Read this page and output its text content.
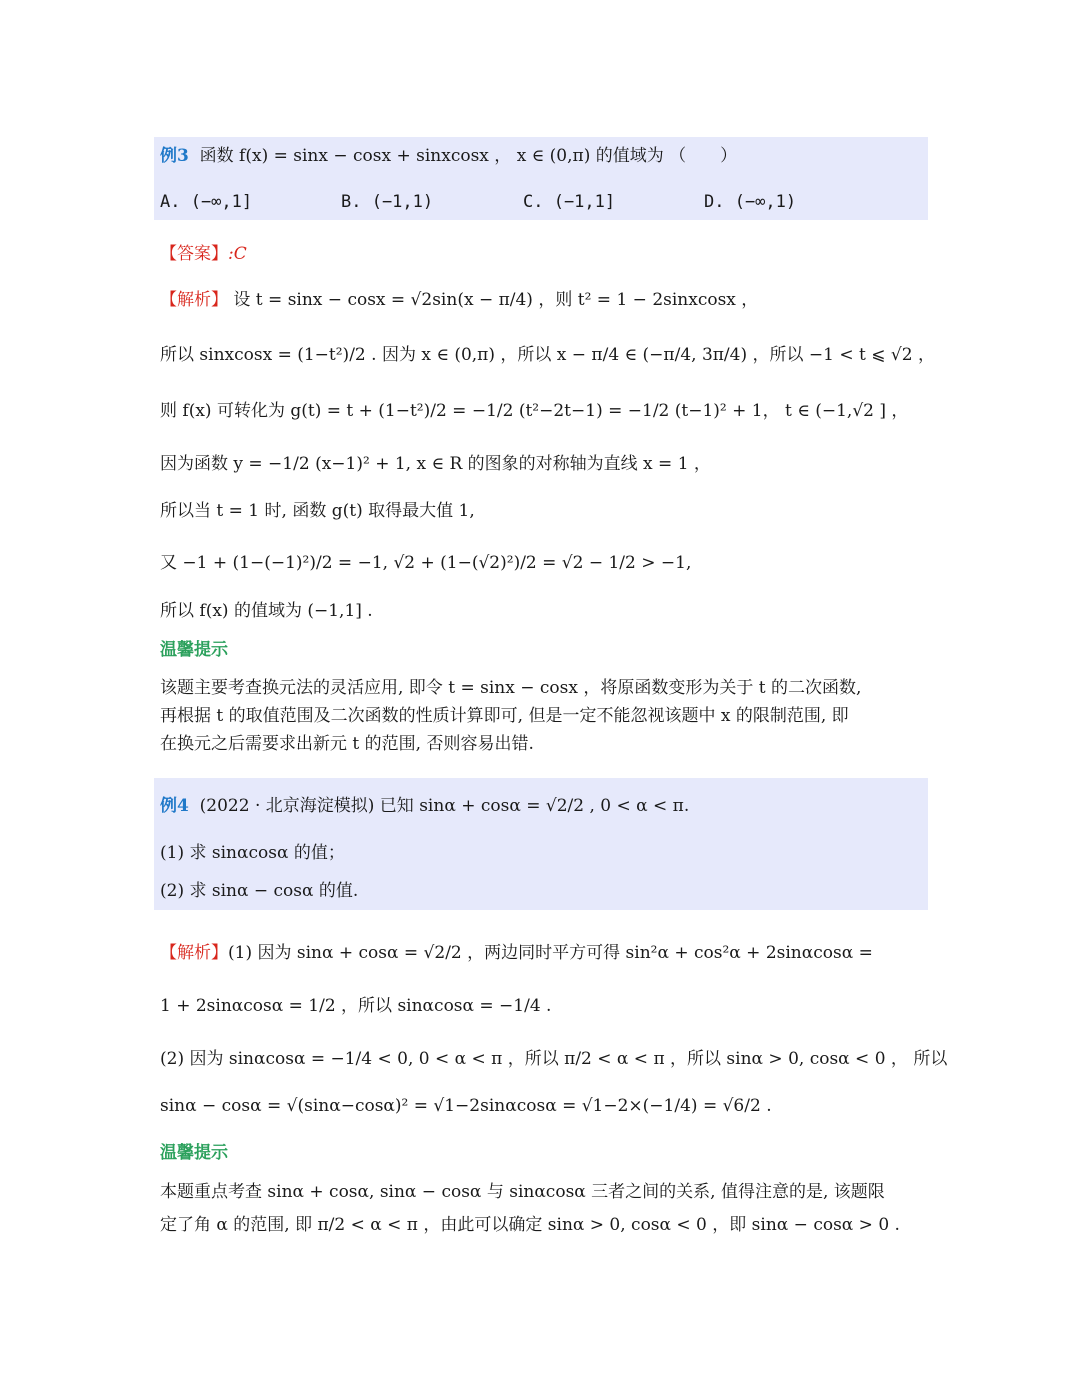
例3 函数 f(x) = sinx − cosx + sinxcosx ， x ∈ (0,π) 的值域为 （　　）
A. (−∞,1]	B. (−1,1)	C. (−1,1]	D. (−∞,1)
【答案】:C
【解析】 设 t = sinx − cosx = √2sin(x − π/4) ，则 t² = 1 − 2sinxcosx ，
所以 sinxcosx = (1−t²)/2 . 因为 x ∈ (0,π) ，所以 x − π/4 ∈ (−π/4, 3π/4) ，所以 −1 < t ⩽ √2 ，
则 f(x) 可转化为 g(t) = t + (1−t²)/2 = −1/2 (t²−2t−1) = −1/2 (t−1)² + 1， t ∈ (−1,√2 ] ，
因为函数 y = −1/2 (x−1)² + 1, x ∈ R 的图象的对称轴为直线 x = 1 ，
所以当 t = 1 时, 函数 g(t) 取得最大值 1,
又 −1 + (1−(−1)²)/2 = −1, √2 + (1−(√2)²)/2 = √2 − 1/2 > −1,
所以 f(x) 的值域为 (−1,1] .
温馨提示
该题主要考查换元法的灵活应用, 即令 t = sinx − cosx ，将原函数变形为关于 t 的二次函数,
再根据 t 的取值范围及二次函数的性质计算即可, 但是一定不能忽视该题中 x 的限制范围, 即
在换元之后需要求出新元 t 的范围, 否则容易出错.
例4 (2022 · 北京海淀模拟) 已知 sinα + cosα = √2/2 , 0 < α < π.
(1) 求 sinαcosα 的值；
(2) 求 sinα − cosα 的值.
【解析】(1) 因为 sinα + cosα = √2/2 ，两边同时平方可得 sin²α + cos²α + 2sinαcosα =
1 + 2sinαcosα = 1/2 ，所以 sinαcosα = −1/4 .
(2) 因为 sinαcosα = −1/4 < 0, 0 < α < π ，所以 π/2 < α < π ，所以 sinα > 0, cosα < 0 ， 所以
sinα − cosα = √(sinα−cosα)² = √1−2sinαcosα = √1−2×(−1/4) = √6/2 .
温馨提示
本题重点考查 sinα + cosα, sinα − cosα 与 sinαcosα 三者之间的关系, 值得注意的是, 该题限
定了角 α 的范围, 即 π/2 < α < π ，由此可以确定 sinα > 0, cosα < 0 ，即 sinα − cosα > 0 .
